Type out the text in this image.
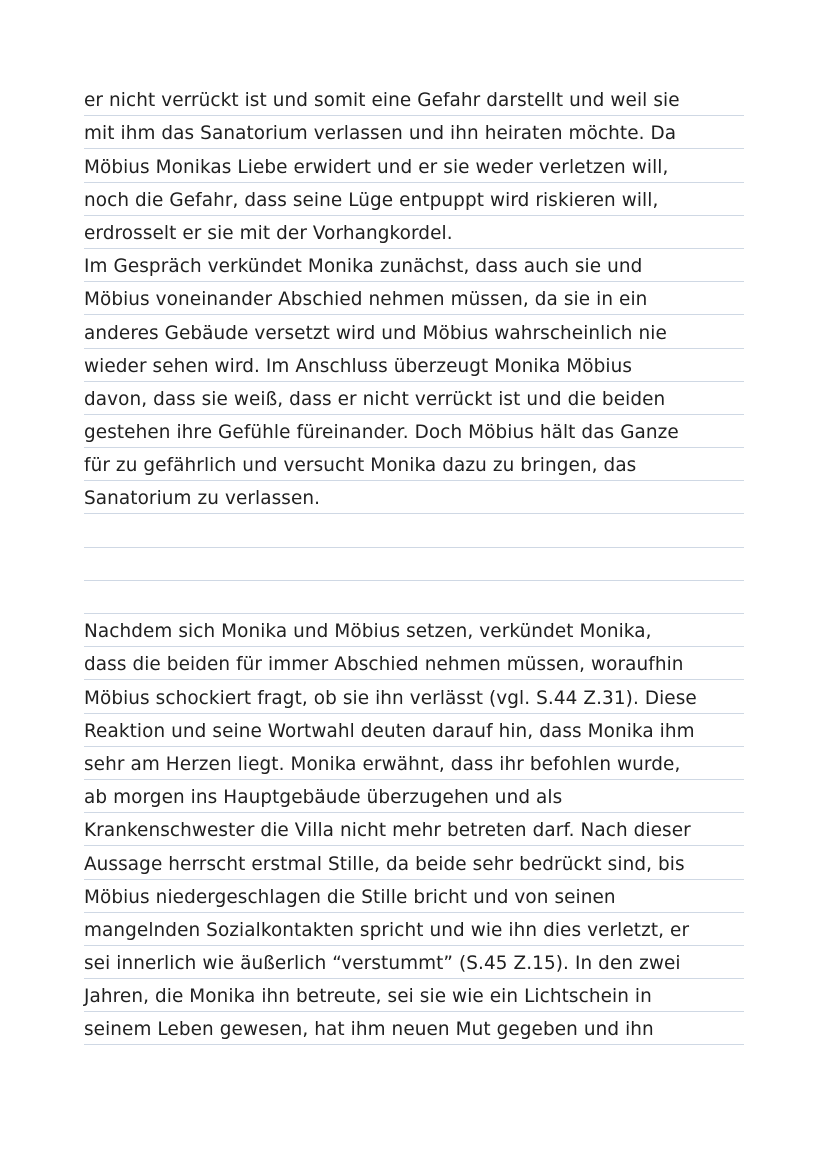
er nicht verrückt ist und somit eine Gefahr darstellt und weil sie
mit ihm das Sanatorium verlassen und ihn heiraten möchte. Da
Möbius Monikas Liebe erwidert und er sie weder verletzen will,
noch die Gefahr, dass seine Lüge entpuppt wird riskieren will,
erdrosselt er sie mit der Vorhangkordel.
Im Gespräch verkündet Monika zunächst, dass auch sie und
Möbius voneinander Abschied nehmen müssen, da sie in ein
anderes Gebäude versetzt wird und Möbius wahrscheinlich nie
wieder sehen wird. Im Anschluss überzeugt Monika Möbius
davon, dass sie weiß, dass er nicht verrückt ist und die beiden
gestehen ihre Gefühle füreinander. Doch Möbius hält das Ganze
für zu gefährlich und versucht Monika dazu zu bringen, das
Sanatorium zu verlassen.
Nachdem sich Monika und Möbius setzen, verkündet Monika,
dass die beiden für immer Abschied nehmen müssen, woraufhin
Möbius schockiert fragt, ob sie ihn verlässt (vgl. S.44 Z.31). Diese
Reaktion und seine Wortwahl deuten darauf hin, dass Monika ihm
sehr am Herzen liegt. Monika erwähnt, dass ihr befohlen wurde,
ab morgen ins Hauptgebäude überzugehen und als
Krankenschwester die Villa nicht mehr betreten darf. Nach dieser
Aussage herrscht erstmal Stille, da beide sehr bedrückt sind, bis
Möbius niedergeschlagen die Stille bricht und von seinen
mangelnden Sozialkontakten spricht und wie ihn dies verletzt, er
sei innerlich wie äußerlich “verstummt” (S.45 Z.15). In den zwei
Jahren, die Monika ihn betreute, sei sie wie ein Lichtschein in
seinem Leben gewesen, hat ihm neuen Mut gegeben und ihn
